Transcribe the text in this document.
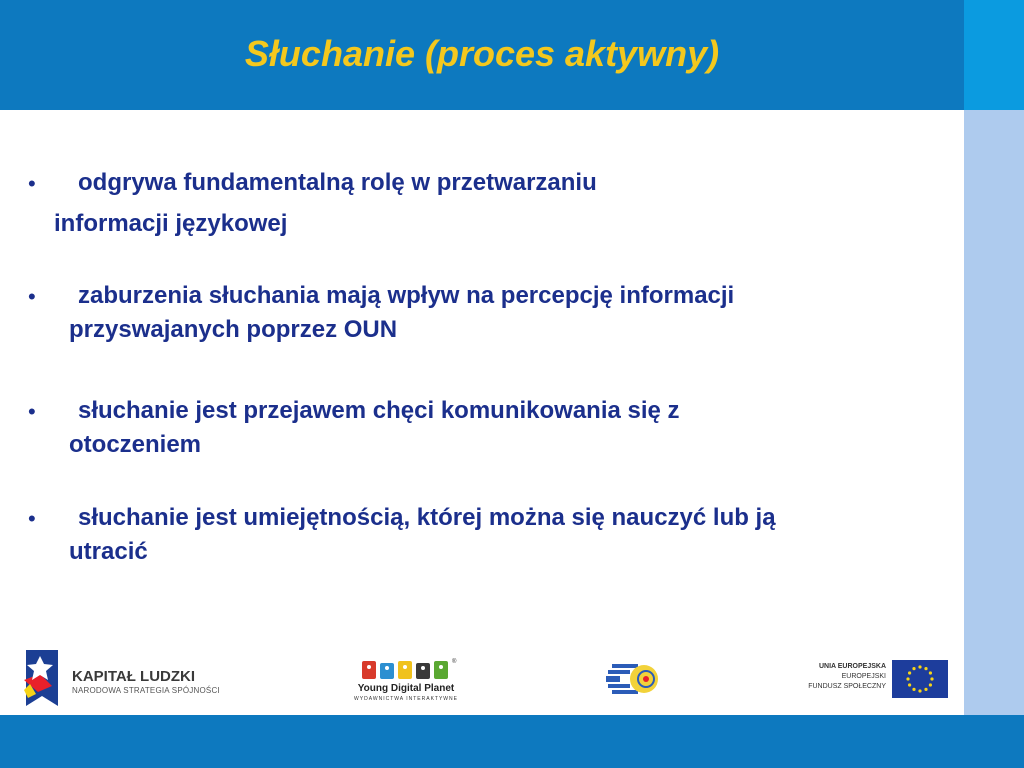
Słuchanie (proces aktywny)
• odgrywa fundamentalną rolę w przetwarzaniu
informacji językowej
• zaburzenia słuchania mają wpływ na percepcję informacji
przyswajanych poprzez OUN
• słuchanie jest przejawem chęci komunikowania się z
otoczeniem
• słuchanie jest umiejętnością, której można się nauczyć lub ją
utracić
KAPITAŁ LUDZKI
NARODOWA STRATEGIA SPÓJNOŚCI
®
Young Digital Planet
WYDAWNICTWA INTERAKTYWNE
UNIA EUROPEJSKA
EUROPEJSKI
FUNDUSZ SPOŁECZNY
